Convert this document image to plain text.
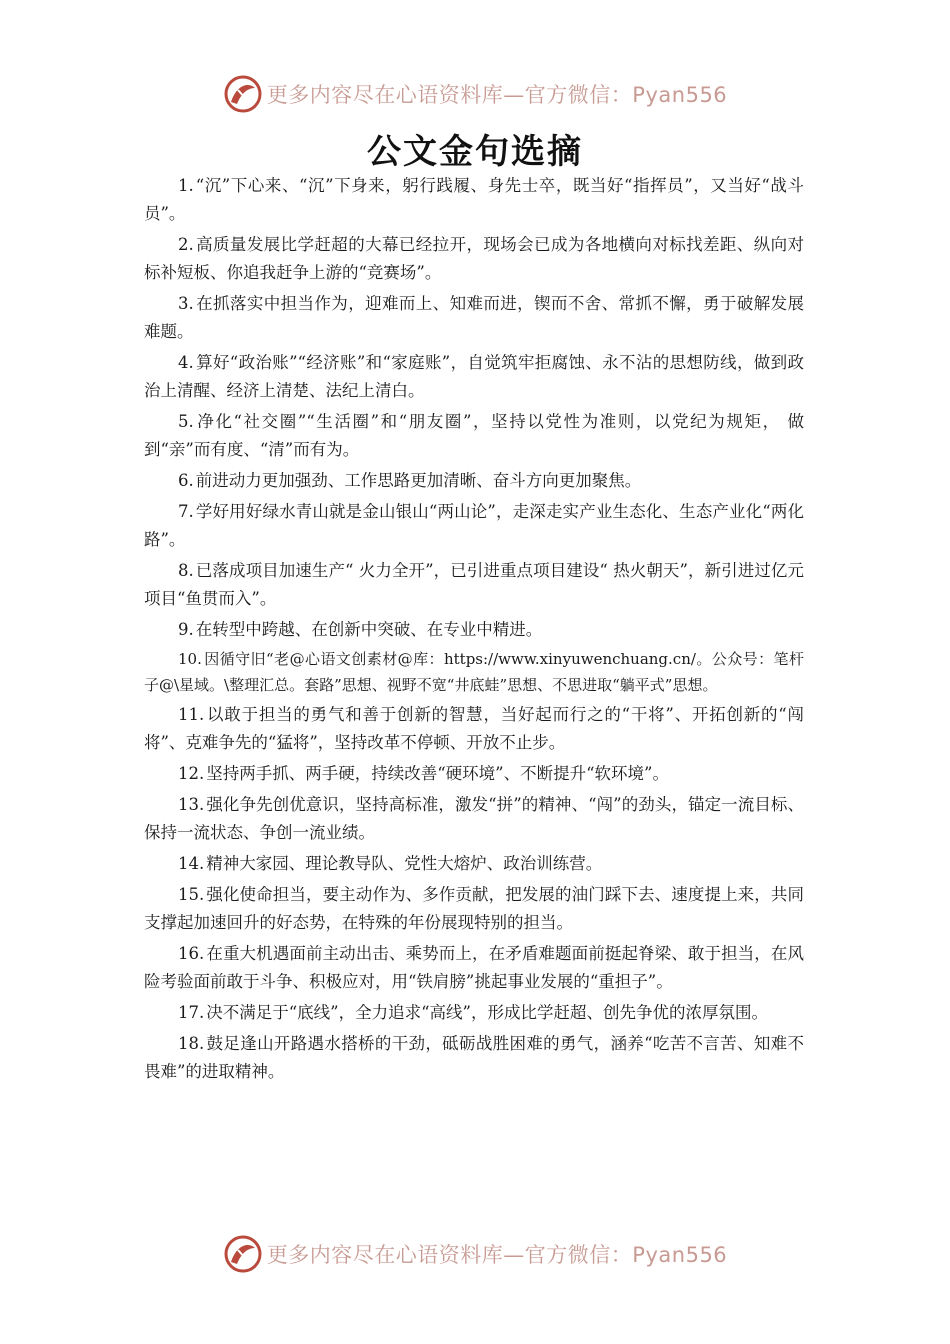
更多内容尽在心语资料库—官方微信：Pyan556
公文金句选摘

1. “沉”下心来、“沉”下身来，躬行践履、身先士卒，既当好“指挥员”，又当好“战斗员”。

2. 高质量发展比学赶超的大幕已经拉开，现场会已成为各地横向对标找差距、纵向对标补短板、你追我赶争上游的“竞赛场”。

3. 在抓落实中担当作为，迎难而上、知难而进，锲而不舍、常抓不懈，勇于破解发展难题。

4. 算好“政治账”“经济账”和“家庭账”，自觉筑牢拒腐蚀、永不沾的思想防线，做到政治上清醒、经济上清楚、法纪上清白。

5. 净化“社交圈”“生活圈”和“朋友圈”，坚持以党性为准则，以党纪为规矩， 做到“亲”而有度、“清”而有为。

6. 前进动力更加强劲、工作思路更加清晰、奋斗方向更加聚焦。

7. 学好用好绿水青山就是金山银山“两山论”，走深走实产业生态化、生态产业化“两化路”。

8. 已落成项目加速生产“ 火力全开”，已引进重点项目建设“ 热火朝天”，新引进过亿元项目“鱼贯而入”。

9. 在转型中跨越、在创新中突破、在专业中精进。

10. 因循守旧“老@心语文创素材@库：https://www.xinyuwenchuang.cn/。公众号：笔杆子@\星域。\整理汇总。套路”思想、视野不宽“井底蛙”思想、不思进取“躺平式”思想。

11. 以敢于担当的勇气和善于创新的智慧，当好起而行之的“干将”、开拓创新的“闯将”、克难争先的“猛将”，坚持改革不停顿、开放不止步。

12. 坚持两手抓、两手硬，持续改善“硬环境”、不断提升“软环境”。

13. 强化争先创优意识，坚持高标准，激发“拼”的精神、“闯”的劲头，锚定一流目标、保持一流状态、争创一流业绩。

14. 精神大家园、理论教导队、党性大熔炉、政治训练营。

15. 强化使命担当，要主动作为、多作贡献，把发展的油门踩下去、速度提上来，共同支撑起加速回升的好态势，在特殊的年份展现特别的担当。

16. 在重大机遇面前主动出击、乘势而上，在矛盾难题面前挺起脊梁、敢于担当，在风险考验面前敢于斗争、积极应对，用“铁肩膀”挑起事业发展的“重担子”。

17. 决不满足于“底线”，全力追求“高线”，形成比学赶超、创先争优的浓厚氛围。

18. 鼓足逢山开路遇水搭桥的干劲，砥砺战胜困难的勇气，涵养“吃苦不言苦、知难不畏难”的进取精神。

更多内容尽在心语资料库—官方微信：Pyan556
